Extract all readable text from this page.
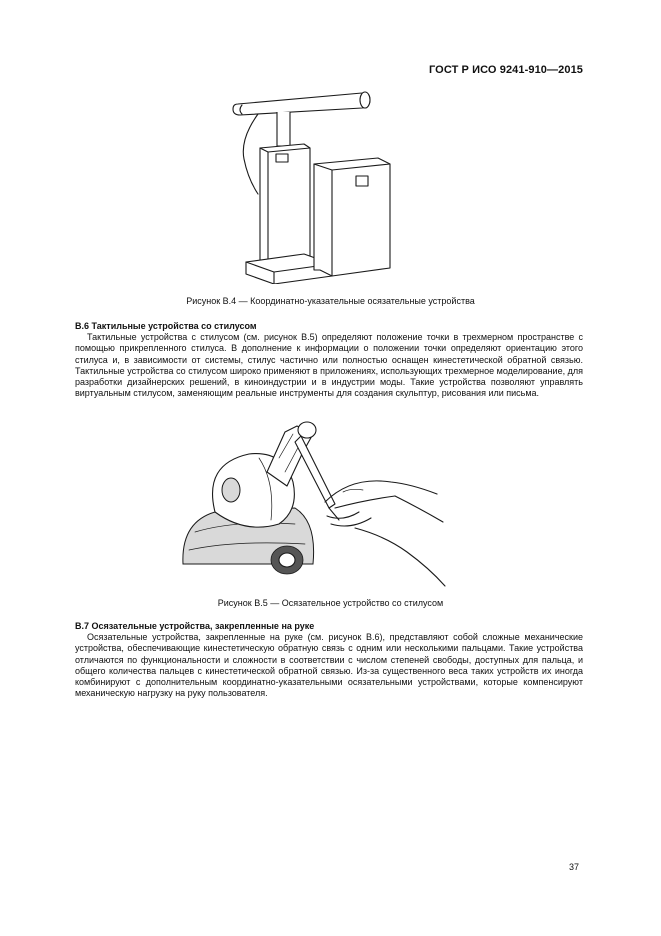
ГОСТ Р ИСО 9241-910—2015
Рисунок В.4 — Координатно-указательные осязательные устройства
В.6 Тактильные устройства со стилусом

Тактильные устройства с стилусом (см. рисунок В.5) определяют положение точки в трехмерном пространстве с помощью прикрепленного стилуса. В дополнение к информации о положении точки определяют ориентацию этого стилуса и, в зависимости от системы, стилус частично или полностью оснащен кинестетической обратной связью. Тактильные устройства со стилусом широко применяют в приложениях, использующих трехмерное моделирование, для разработки дизайнерских решений, в киноиндустрии и в индустрии моды. Такие устройства позволяют управлять виртуальным стилусом, заменяющим реальные инструменты для создания скульптур, рисования или письма.

Рисунок В.5 — Осязательное устройство со стилусом
В.7 Осязательные устройства, закрепленные на руке

Осязательные устройства, закрепленные на руке (см. рисунок В.6), представляют собой сложные механические устройства, обеспечивающие кинестетическую обратную связь с одним или несколькими пальцами. Такие устройства отличаются по функциональности и сложности в соответствии с числом степеней свободы, доступных для пальца, и общего количества пальцев с кинестетической обратной связью. Из-за существенного веса таких устройств их иногда комбинируют с дополнительным координатно-указательными осязательными устройствами, которые компенсируют механическую нагрузку на руку пользователя.

37
